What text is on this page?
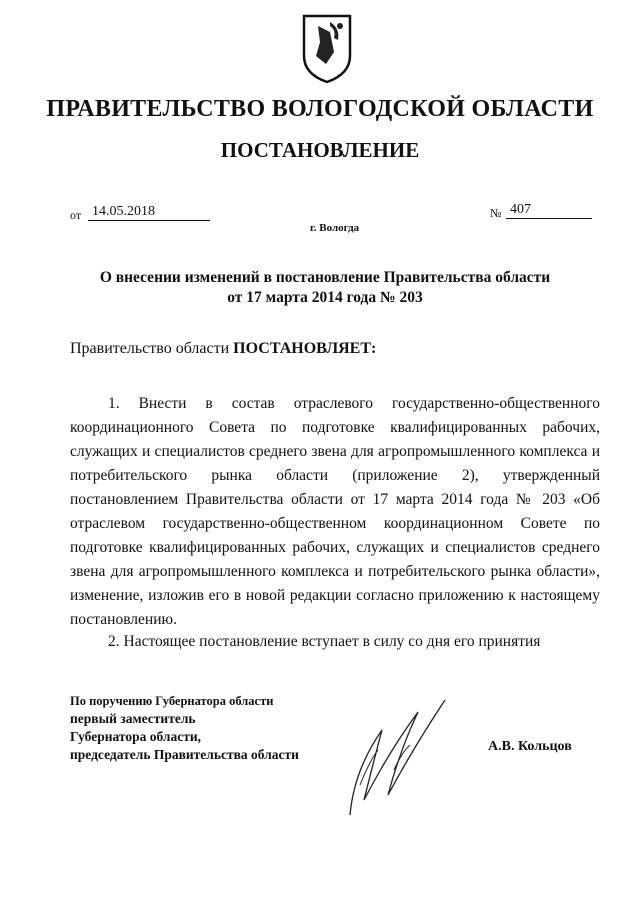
ПРАВИТЕЛЬСТВО ВОЛОГОДСКОЙ ОБЛАСТИ
ПОСТАНОВЛЕНИЕ
от 14.05.2018	№ 407
г. Вологда
О внесении изменений в постановление Правительства области
от 17 марта 2014 года № 203
Правительство области ПОСТАНОВЛЯЕТ:
1. Внести в состав отраслевого государственно-общественного координационного Совета по подготовке квалифицированных рабочих, служащих и специалистов среднего звена для агропромышленного комплекса и потребительского рынка области (приложение 2), утвержденный постановлением Правительства области от 17 марта 2014 года № 203 «Об отраслевом государственно-общественном координационном Совете по подготовке квалифицированных рабочих, служащих и специалистов среднего звена для агропромышленного комплекса и потребительского рынка области», изменение, изложив его в новой редакции согласно приложению к настоящему постановлению.
2. Настоящее постановление вступает в силу со дня его принятия
По поручению Губернатора области
первый заместитель
Губернатора области,
председатель Правительства области
А.В. Кольцов
